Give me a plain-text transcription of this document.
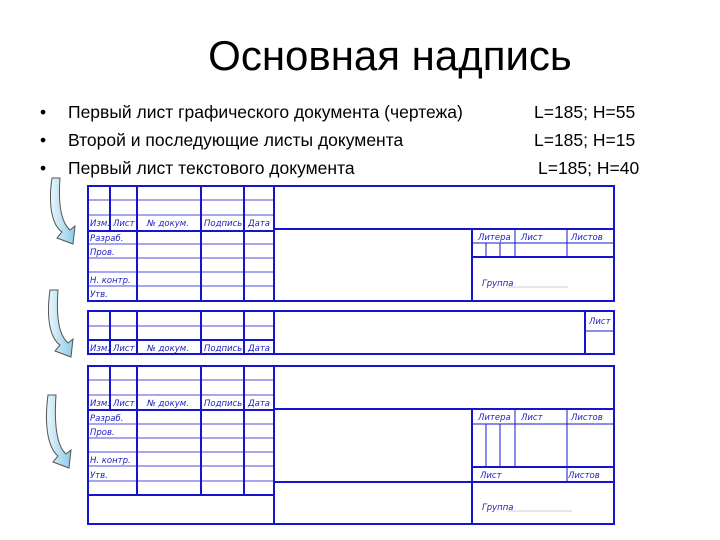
Основная надпись
• Первый лист графического документа (чертежа)	L=185; H=55
• Второй и последующие листы документа	L=185; H=15
• Первый лист текстового документа	L=185; H=40
Изм. Лист № докум. Подпись Дата
Разраб.
Пров.
Н. контр.
Утв.
Литера Лист	Листов
Группа
Изм. Лист № докум. Подпись Дата
Лист
Изм. Лист № докум. Подпись Дата
Разраб.
Пров.
Н. контр.
Утв.
Литера Лист	Листов
Лист	Листов
Группа
